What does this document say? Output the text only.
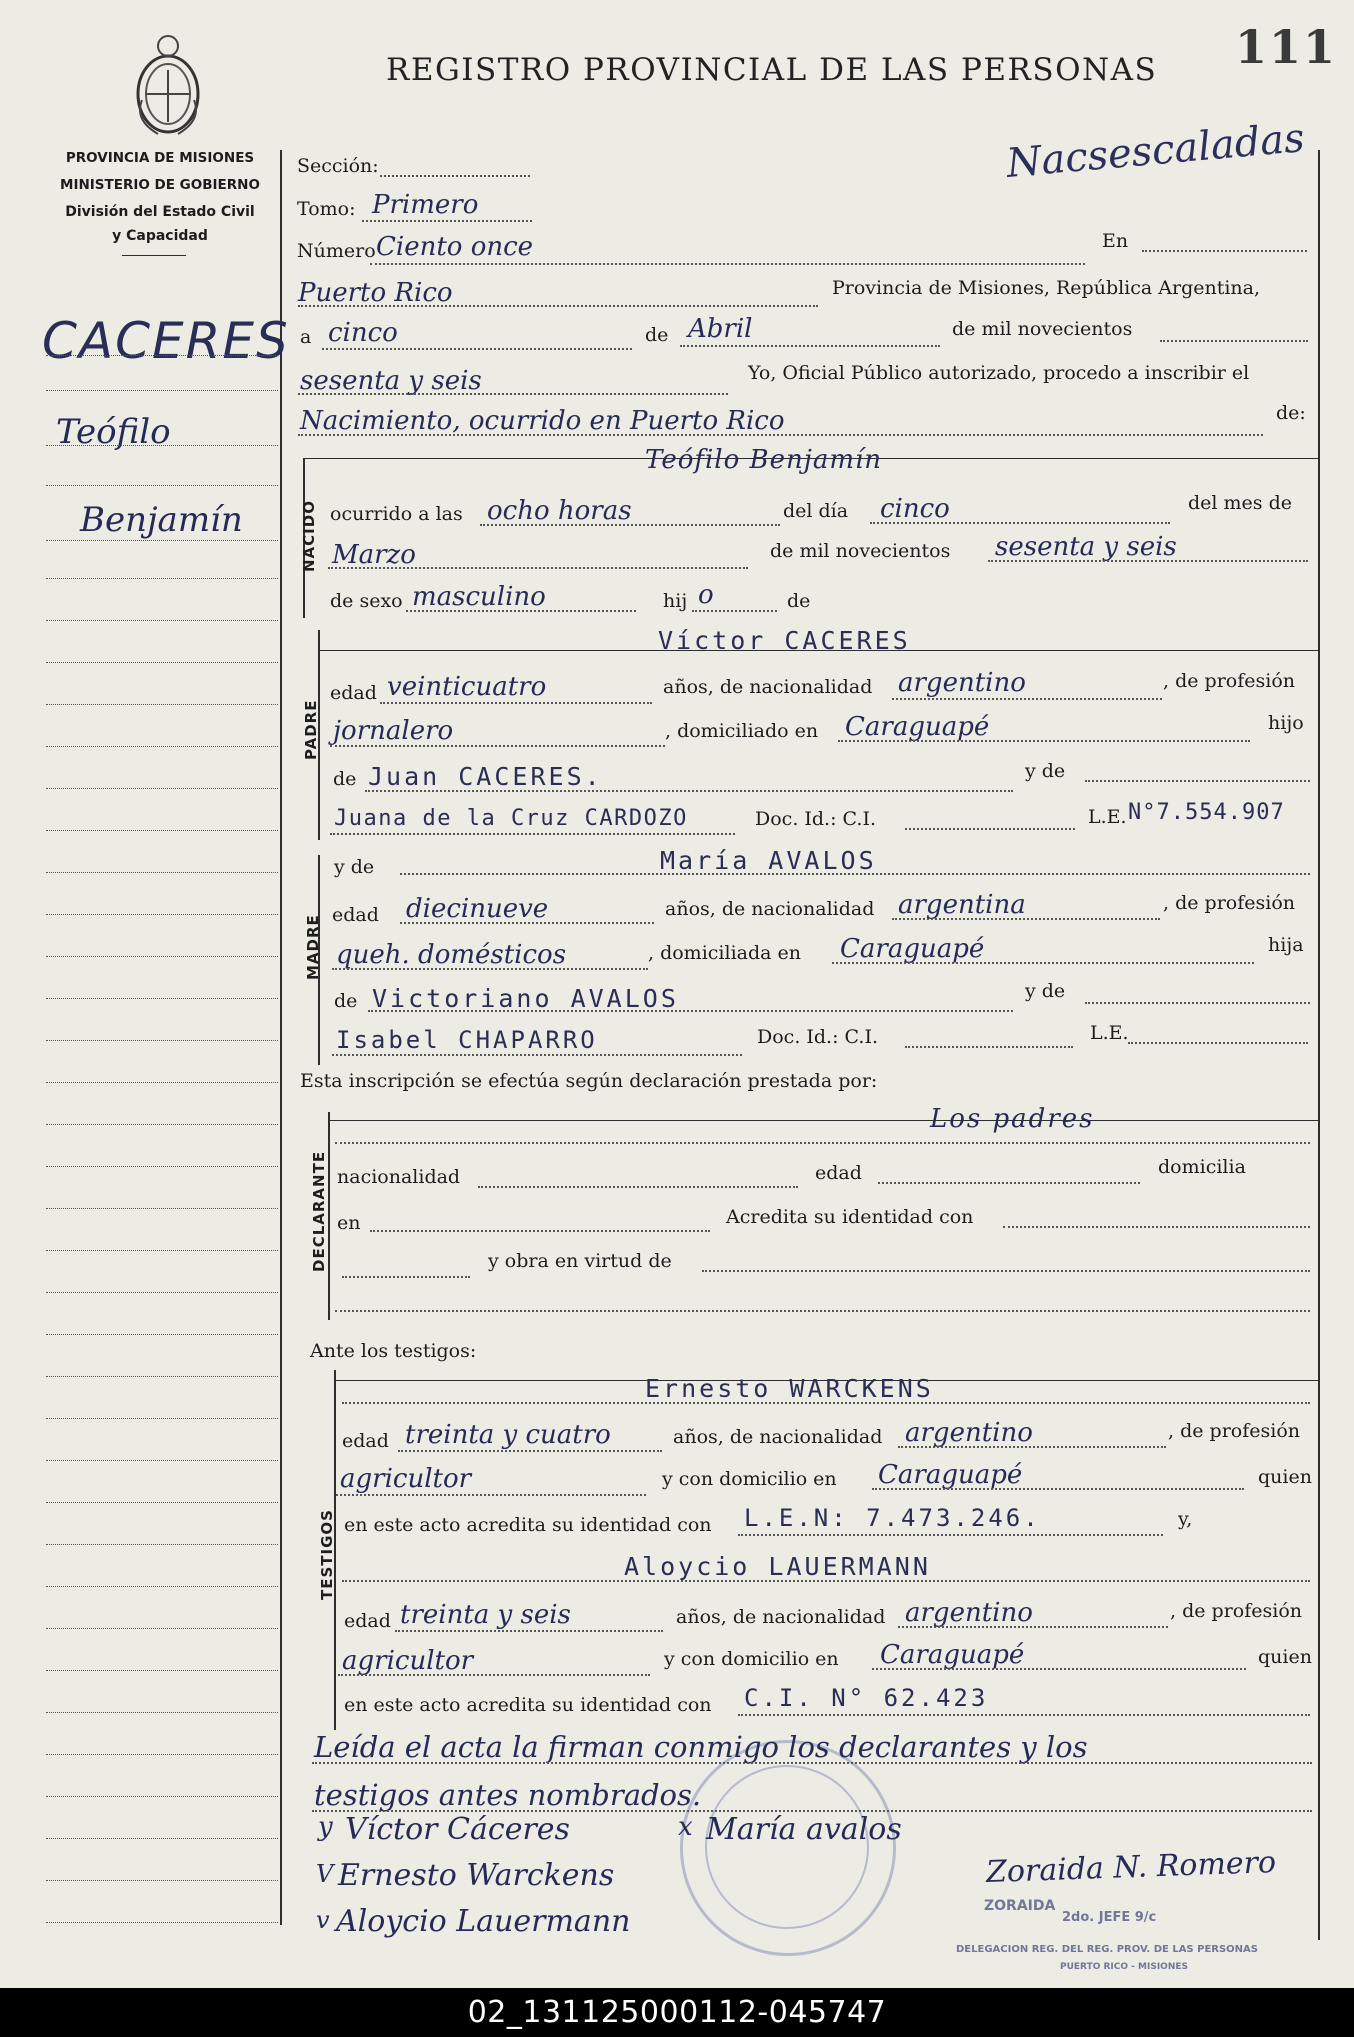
PROVINCIA DE MISIONES
MINISTERIO DE GOBIERNO
División del Estado Civil
y Capacidad
REGISTRO PROVINCIAL DE LAS PERSONAS 111
Nacsescaladas
CACERES
Teófilo
Benjamín
Sección:
Tomo: Primero
Número Ciento once	En
Puerto Rico	Provincia de Misiones, República Argentina,
a cinco	de Abril	de mil novecientos
sesenta y seis	Yo, Oficial Público autorizado, procedo a inscribir el
Nacimiento, ocurrido en Puerto Rico	de:
NACIDO
Teófilo Benjamín
ocurrido a las ocho horas	del día cinco	del mes de
Marzo	de mil novecientos sesenta y seis
de sexo masculino	hij o	de
PADRE
Víctor CACERES
edad veinticuatro	años, de nacionalidad argentino	, de profesión
jornalero	, domiciliado en Caraguapé	hijo
de Juan CACERES.	y de
Juana de la Cruz CARDOZO	Doc. Id.: C.I.	L.E. N°7.554.907
MADRE
y de	María AVALOS
edad diecinueve	años, de nacionalidad argentina	, de profesión
queh. domésticos	, domiciliada en Caraguapé	hija
de Victoriano AVALOS	y de
Isabel CHAPARRO	Doc. Id.: C.I.	L.E.
Esta inscripción se efectúa según declaración prestada por:
DECLARANTE
Los padres
nacionalidad	edad	domicilia
en	Acredita su identidad con
y obra en virtud de
Ante los testigos:
TESTIGOS
Ernesto WARCKENS
edad treinta y cuatro	años, de nacionalidad argentino	, de profesión
agricultor	y con domicilio en Caraguapé	quien
en este acto acredita su identidad con L.E.N: 7.473.246.	y,
Aloycio LAUERMANN
edad treinta y seis	años, de nacionalidad argentino	, de profesión
agricultor	y con domicilio en Caraguapé	quien
en este acto acredita su identidad con C.I. N° 62.423
Leída el acta la firman conmigo los declarantes y los
testigos antes nombrados.
y Víctor Cáceres	x María avalos
V Ernesto Warckens
v Aloycio Lauermann
Zoraida N. Romero
ZORAIDA
2do. JEFE 9/c
DELEGACION REG. DEL REG. PROV. DE LAS PERSONAS
PUERTO RICO - MISIONES
02_131125000112-045747
